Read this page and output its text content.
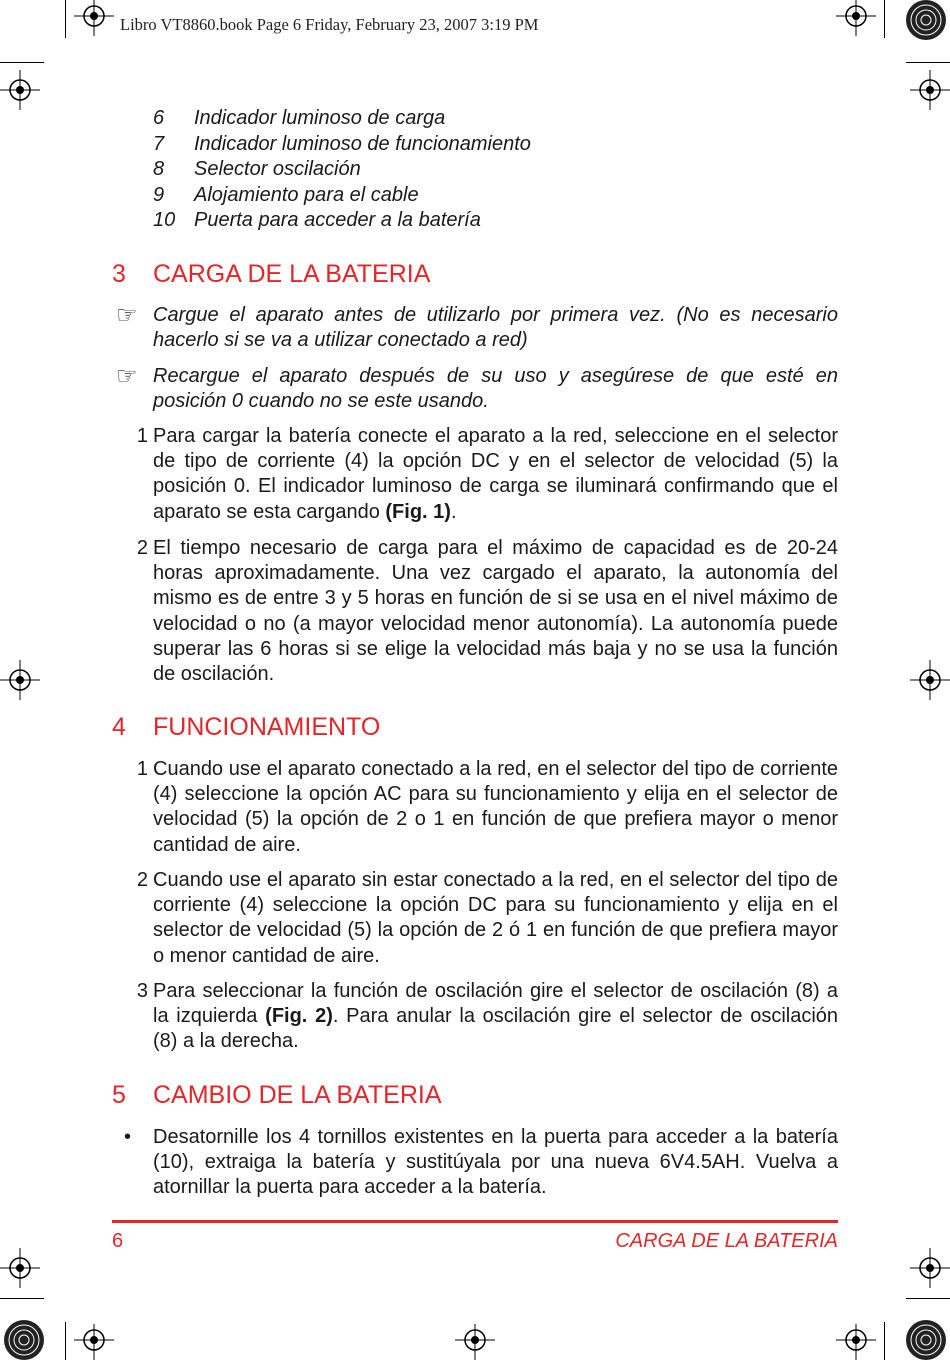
Libro VT8860.book Page 6 Friday, February 23, 2007 3:19 PM
6 Indicador luminoso de carga
7 Indicador luminoso de funcionamiento
8 Selector oscilación
9 Alojamiento para el cable
10 Puerta para acceder a la batería
3 CARGA DE LA BATERIA
☞ Cargue el aparato antes de utilizarlo por primera vez. (No es necesario hacerlo si se va a utilizar conectado a red)

☞ Recargue el aparato después de su uso y asegúrese de que esté en posición 0 cuando no se este usando.

1 Para cargar la batería conecte el aparato a la red, seleccione en el selector de tipo de corriente (4) la opción DC y en el selector de velocidad (5) la posición 0. El indicador luminoso de carga se iluminará confirmando que el aparato se esta cargando (Fig. 1).

2 El tiempo necesario de carga para el máximo de capacidad es de 20-24 horas aproximadamente. Una vez cargado el aparato, la autonomía del mismo es de entre 3 y 5 horas en función de si se usa en el nivel máximo de velocidad o no (a mayor velocidad menor autonomía). La autonomía puede superar las 6 horas si se elige la velocidad más baja y no se usa la función de oscilación.

4 FUNCIONAMIENTO
1 Cuando use el aparato conectado a la red, en el selector del tipo de corriente (4) seleccione la opción AC para su funcionamiento y elija en el selector de velocidad (5) la opción de 2 o 1 en función de que prefiera mayor o menor cantidad de aire.

2 Cuando use el aparato sin estar conectado a la red, en el selector del tipo de corriente (4) seleccione la opción DC para su funcionamiento y elija en el selector de velocidad (5) la opción de 2 ó 1 en función de que prefiera mayor o menor cantidad de aire.

3 Para seleccionar la función de oscilación gire el selector de oscilación (8) a la izquierda (Fig. 2). Para anular la oscilación gire el selector de oscilación (8) a la derecha.

5 CAMBIO DE LA BATERIA
•	Desatornille los 4 tornillos existentes en la puerta para acceder a la batería (10), extraiga la batería y sustitúyala por una nueva 6V4.5AH. Vuelva a atornillar la puerta para acceder a la batería.

6	CARGA DE LA BATERIA
